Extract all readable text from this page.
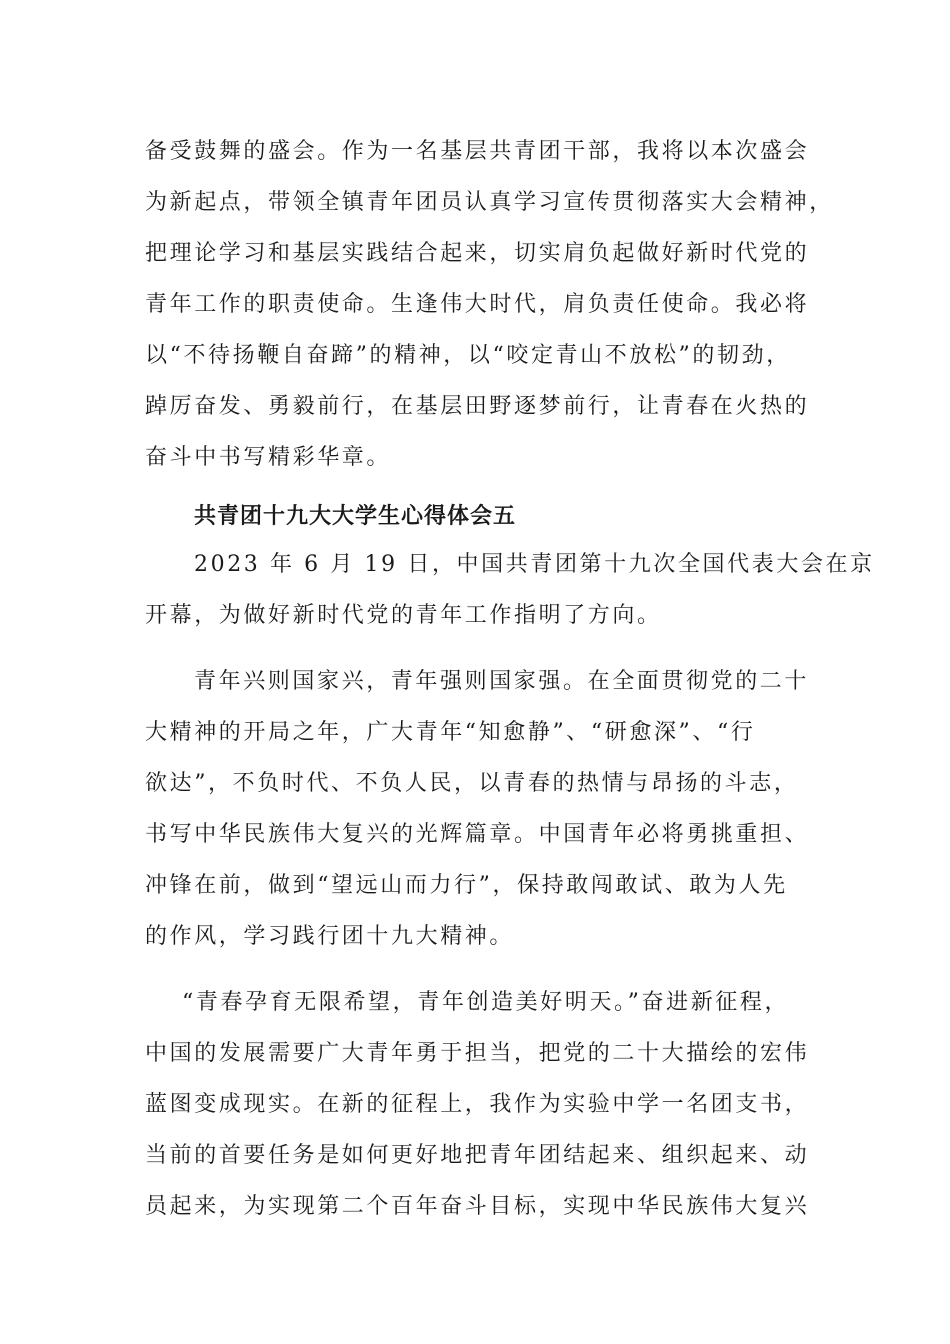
备受鼓舞的盛会。作为一名基层共青团干部，我将以本次盛会
为新起点，带领全镇青年团员认真学习宣传贯彻落实大会精神，
把理论学习和基层实践结合起来，切实肩负起做好新时代党的
青年工作的职责使命。生逢伟大时代，肩负责任使命。我必将
以“不待扬鞭自奋蹄”的精神，以“咬定青山不放松”的韧劲，
踔厉奋发、勇毅前行，在基层田野逐梦前行，让青春在火热的
奋斗中书写精彩华章。
共青团十九大大学生心得体会五
2023 年 6 月 19 日，中国共青团第十九次全国代表大会在京
开幕，为做好新时代党的青年工作指明了方向。
青年兴则国家兴，青年强则国家强。在全面贯彻党的二十
大精神的开局之年，广大青年“知愈静”、“研愈深”、“行
欲达”，不负时代、不负人民，以青春的热情与昂扬的斗志，
书写中华民族伟大复兴的光辉篇章。中国青年必将勇挑重担、
冲锋在前，做到“望远山而力行”，保持敢闯敢试、敢为人先
的作风，学习践行团十九大精神。
“青春孕育无限希望，青年创造美好明天。”奋进新征程，
中国的发展需要广大青年勇于担当，把党的二十大描绘的宏伟
蓝图变成现实。在新的征程上，我作为实验中学一名团支书，
当前的首要任务是如何更好地把青年团结起来、组织起来、动
员起来，为实现第二个百年奋斗目标，实现中华民族伟大复兴
